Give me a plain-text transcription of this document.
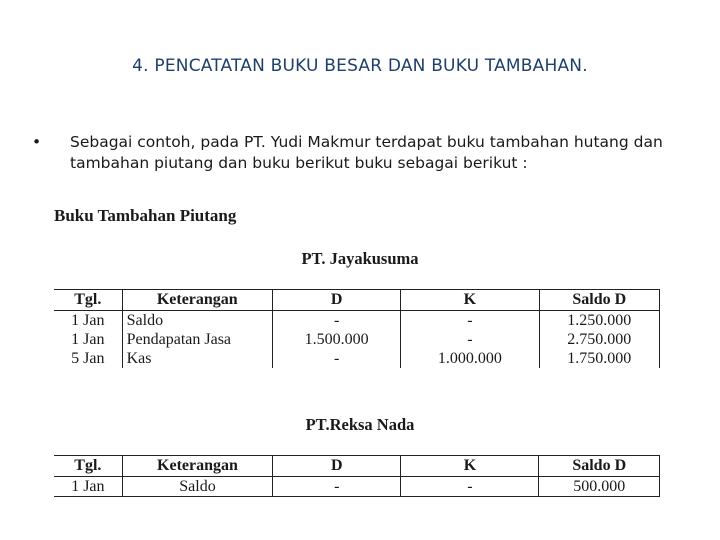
4. PENCATATAN BUKU BESAR DAN BUKU TAMBAHAN.
• Sebagai contoh, pada PT. Yudi Makmur terdapat buku tambahan hutang dan tambahan piutang dan buku berikut buku sebagai berikut :
Buku Tambahan Piutang
PT. Jayakusuma
Tgl.	Keterangan	D	K	Saldo D
1 Jan	Saldo	-	-	1.250.000
1 Jan	Pendapatan Jasa	1.500.000	-	2.750.000
5 Jan	Kas	-	1.000.000	1.750.000
PT.Reksa Nada
Tgl.	Keterangan	D	K	Saldo D
1 Jan	Saldo	-	-	500.000
